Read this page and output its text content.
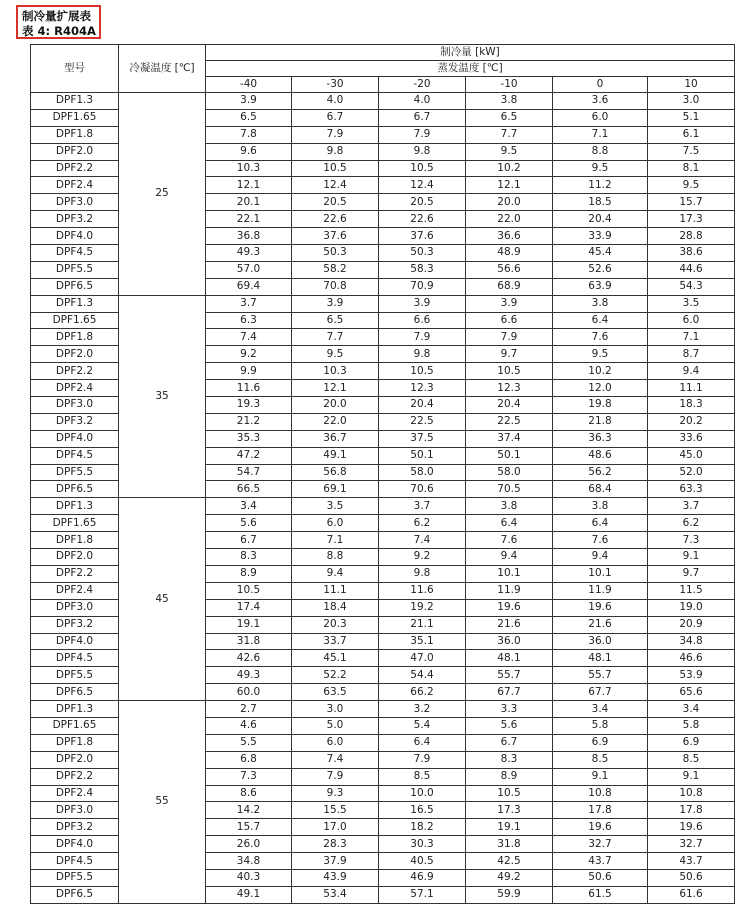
制冷量扩展表
表 4: R404A
型号	冷凝温度 [℃]	制冷量 [kW]					
		蒸发温度 [℃]					
		-40	-30	-20	-10	0	10
DPF1.3	25	3.9	4.0	4.0	3.8	3.6	3.0
DPF1.65		6.5	6.7	6.7	6.5	6.0	5.1
DPF1.8		7.8	7.9	7.9	7.7	7.1	6.1
DPF2.0		9.6	9.8	9.8	9.5	8.8	7.5
DPF2.2		10.3	10.5	10.5	10.2	9.5	8.1
DPF2.4		12.1	12.4	12.4	12.1	11.2	9.5
DPF3.0		20.1	20.5	20.5	20.0	18.5	15.7
DPF3.2		22.1	22.6	22.6	22.0	20.4	17.3
DPF4.0		36.8	37.6	37.6	36.6	33.9	28.8
DPF4.5		49.3	50.3	50.3	48.9	45.4	38.6
DPF5.5		57.0	58.2	58.3	56.6	52.6	44.6
DPF6.5		69.4	70.8	70.9	68.9	63.9	54.3
DPF1.3	35	3.7	3.9	3.9	3.9	3.8	3.5
DPF1.65		6.3	6.5	6.6	6.6	6.4	6.0
DPF1.8		7.4	7.7	7.9	7.9	7.6	7.1
DPF2.0		9.2	9.5	9.8	9.7	9.5	8.7
DPF2.2		9.9	10.3	10.5	10.5	10.2	9.4
DPF2.4		11.6	12.1	12.3	12.3	12.0	11.1
DPF3.0		19.3	20.0	20.4	20.4	19.8	18.3
DPF3.2		21.2	22.0	22.5	22.5	21.8	20.2
DPF4.0		35.3	36.7	37.5	37.4	36.3	33.6
DPF4.5		47.2	49.1	50.1	50.1	48.6	45.0
DPF5.5		54.7	56.8	58.0	58.0	56.2	52.0
DPF6.5		66.5	69.1	70.6	70.5	68.4	63.3
DPF1.3	45	3.4	3.5	3.7	3.8	3.8	3.7
DPF1.65		5.6	6.0	6.2	6.4	6.4	6.2
DPF1.8		6.7	7.1	7.4	7.6	7.6	7.3
DPF2.0		8.3	8.8	9.2	9.4	9.4	9.1
DPF2.2		8.9	9.4	9.8	10.1	10.1	9.7
DPF2.4		10.5	11.1	11.6	11.9	11.9	11.5
DPF3.0		17.4	18.4	19.2	19.6	19.6	19.0
DPF3.2		19.1	20.3	21.1	21.6	21.6	20.9
DPF4.0		31.8	33.7	35.1	36.0	36.0	34.8
DPF4.5		42.6	45.1	47.0	48.1	48.1	46.6
DPF5.5		49.3	52.2	54.4	55.7	55.7	53.9
DPF6.5		60.0	63.5	66.2	67.7	67.7	65.6
DPF1.3	55	2.7	3.0	3.2	3.3	3.4	3.4
DPF1.65		4.6	5.0	5.4	5.6	5.8	5.8
DPF1.8		5.5	6.0	6.4	6.7	6.9	6.9
DPF2.0		6.8	7.4	7.9	8.3	8.5	8.5
DPF2.2		7.3	7.9	8.5	8.9	9.1	9.1
DPF2.4		8.6	9.3	10.0	10.5	10.8	10.8
DPF3.0		14.2	15.5	16.5	17.3	17.8	17.8
DPF3.2		15.7	17.0	18.2	19.1	19.6	19.6
DPF4.0		26.0	28.3	30.3	31.8	32.7	32.7
DPF4.5		34.8	37.9	40.5	42.5	43.7	43.7
DPF5.5		40.3	43.9	46.9	49.2	50.6	50.6
DPF6.5		49.1	53.4	57.1	59.9	61.5	61.6
